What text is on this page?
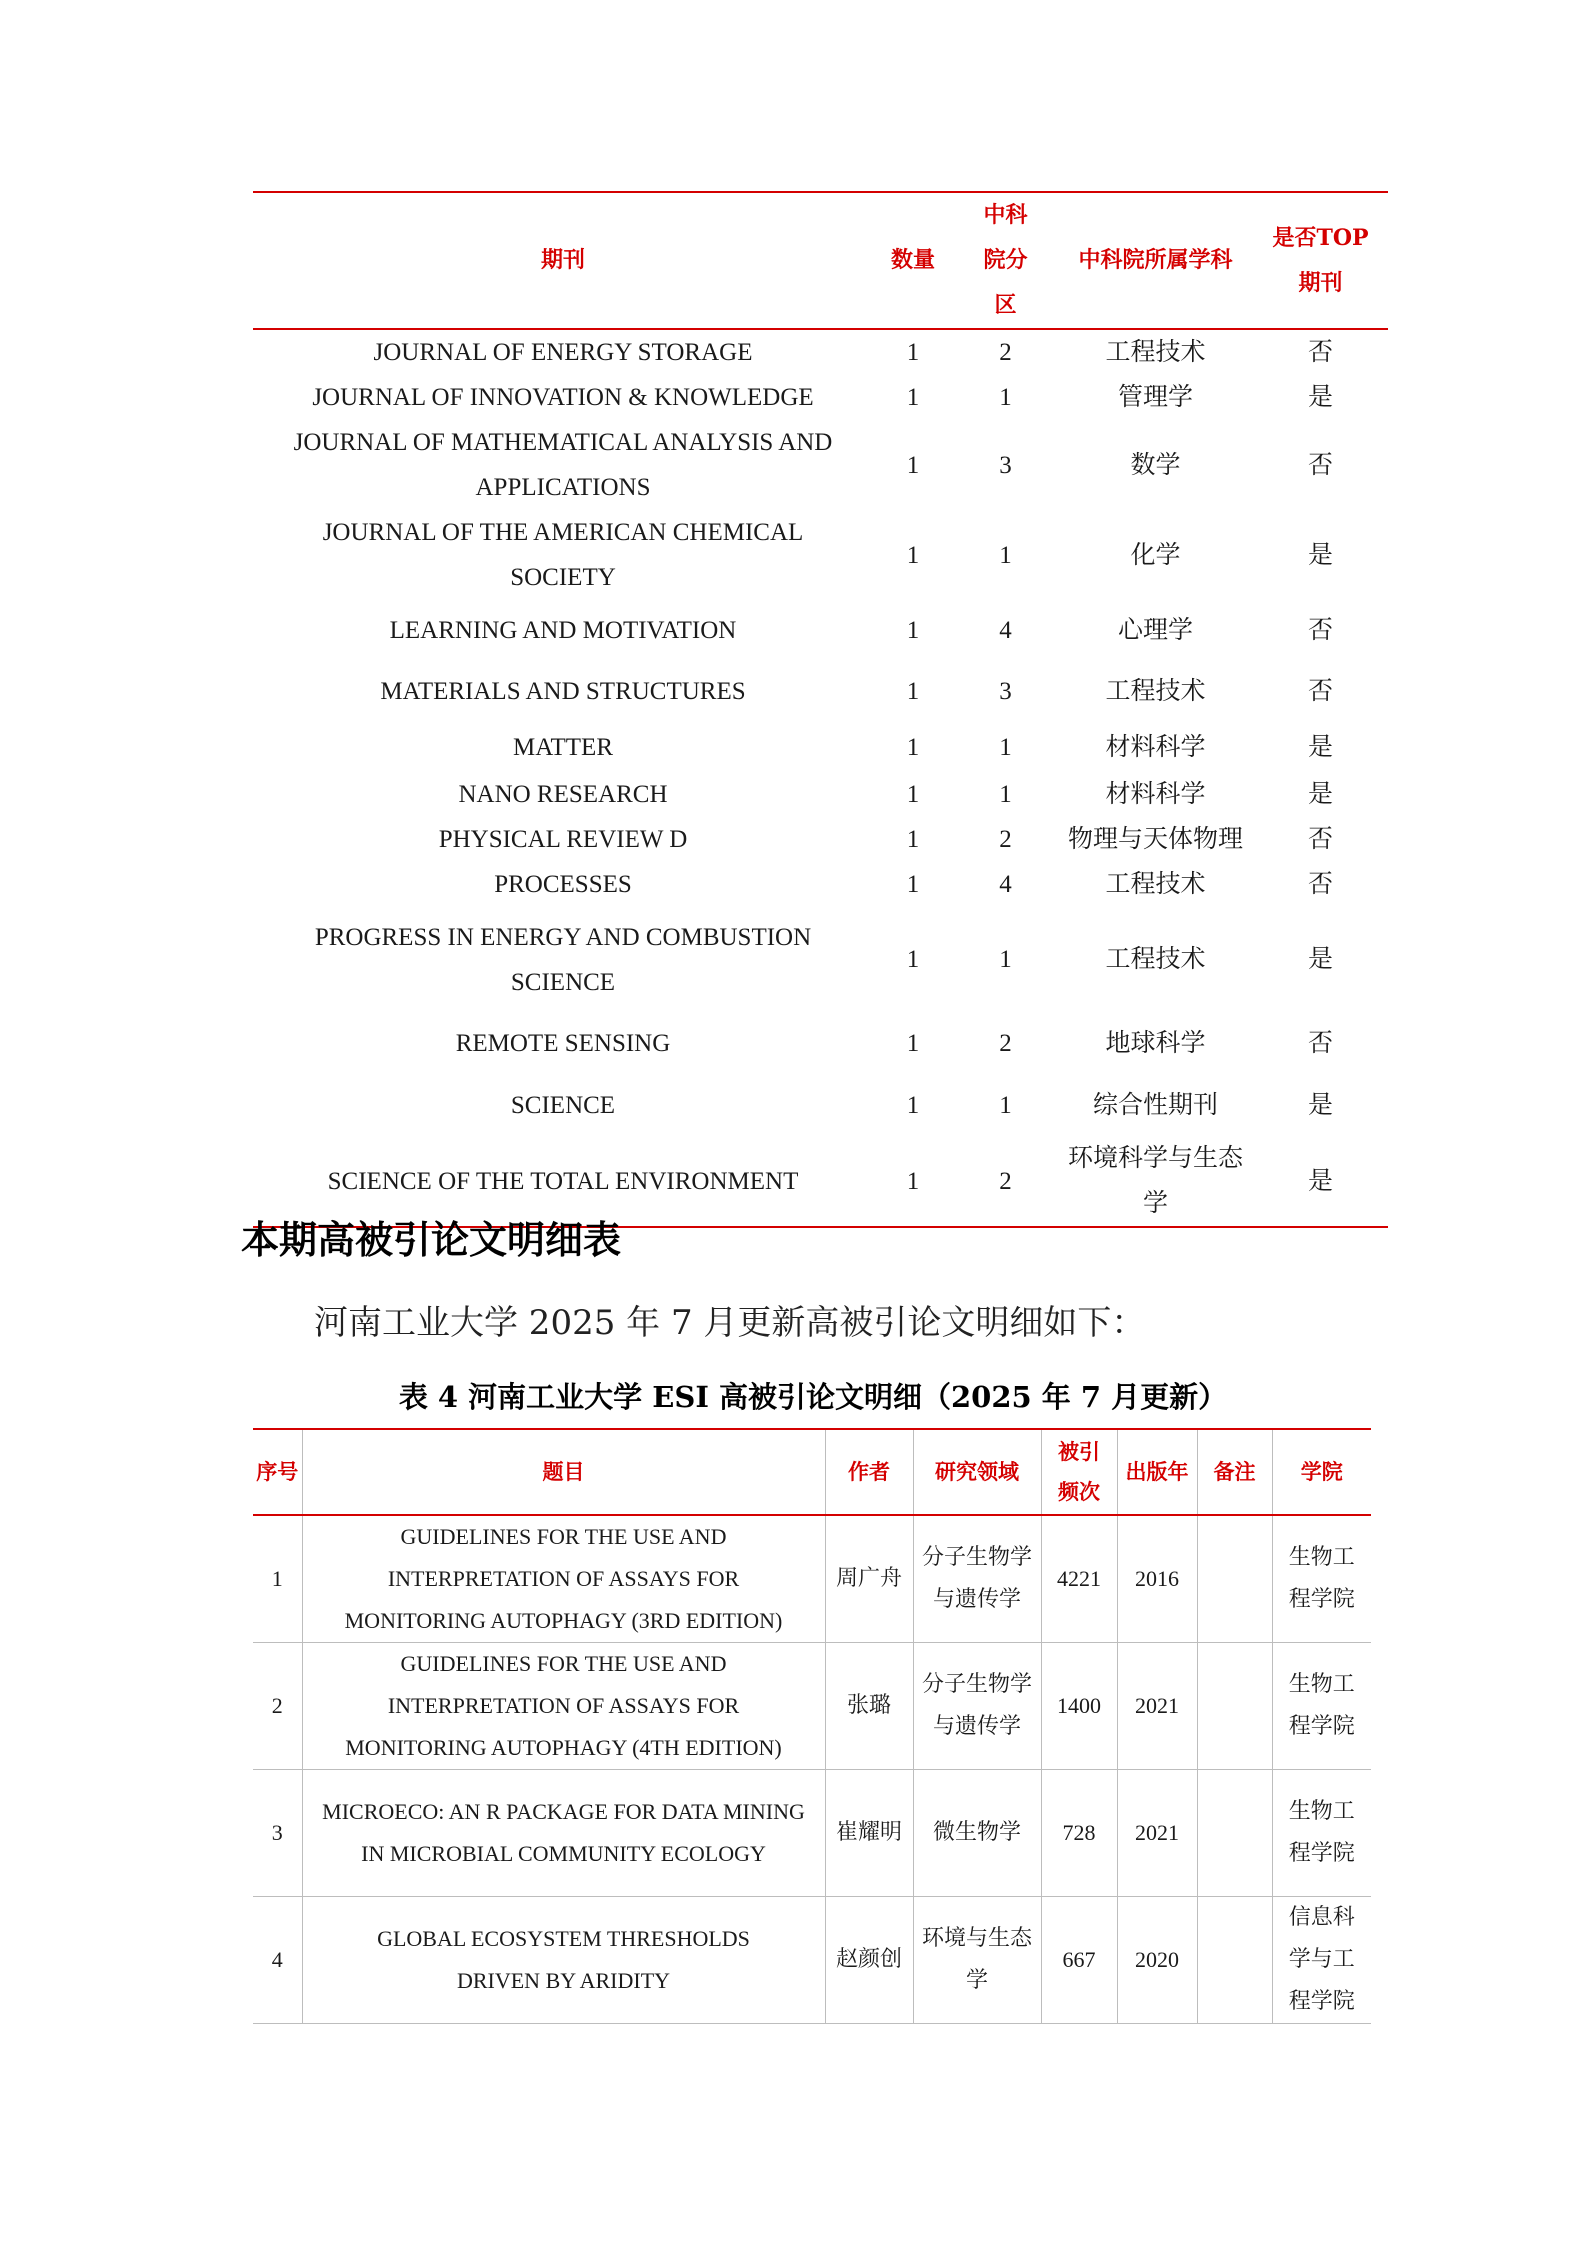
期刊	数量	中科院分区	中科院所属学科	是否TOP 期刊
JOURNAL OF ENERGY STORAGE	1	2	工程技术	否
JOURNAL OF INNOVATION & KNOWLEDGE	1	1	管理学	是
JOURNAL OF MATHEMATICAL ANALYSIS AND APPLICATIONS	1	3	数学	否
JOURNAL OF THE AMERICAN CHEMICAL SOCIETY	1	1	化学	是
LEARNING AND MOTIVATION	1	4	心理学	否
MATERIALS AND STRUCTURES	1	3	工程技术	否
MATTER	1	1	材料科学	是
NANO RESEARCH	1	1	材料科学	是
PHYSICAL REVIEW D	1	2	物理与天体物理	否
PROCESSES	1	4	工程技术	否
PROGRESS IN ENERGY AND COMBUSTION SCIENCE	1	1	工程技术	是
REMOTE SENSING	1	2	地球科学	否
SCIENCE	1	1	综合性期刊	是
SCIENCE OF THE TOTAL ENVIRONMENT	1	2	环境科学与生态学	是
本期高被引论文明细表

河南工业大学 2025 年 7 月更新高被引论文明细如下：

表 4 河南工业大学 ESI 高被引论文明细（2025 年 7 月更新）

序号	题目	作者	研究领域	被引频次	出版年	备注	学院
1	GUIDELINES FOR THE USE AND INTERPRETATION OF ASSAYS FOR MONITORING AUTOPHAGY (3RD EDITION)	周广舟	分子生物学与遗传学	4221	2016		生物工程学院
2	GUIDELINES FOR THE USE AND INTERPRETATION OF ASSAYS FOR MONITORING AUTOPHAGY (4TH EDITION)	张璐	分子生物学与遗传学	1400	2021		生物工程学院
3	MICROECO: AN R PACKAGE FOR DATA MINING IN MICROBIAL COMMUNITY ECOLOGY	崔耀明	微生物学	728	2021		生物工程学院
4	GLOBAL ECOSYSTEM THRESHOLDS DRIVEN BY ARIDITY	赵颜创	环境与生态学	667	2020		信息科学与工程学院
